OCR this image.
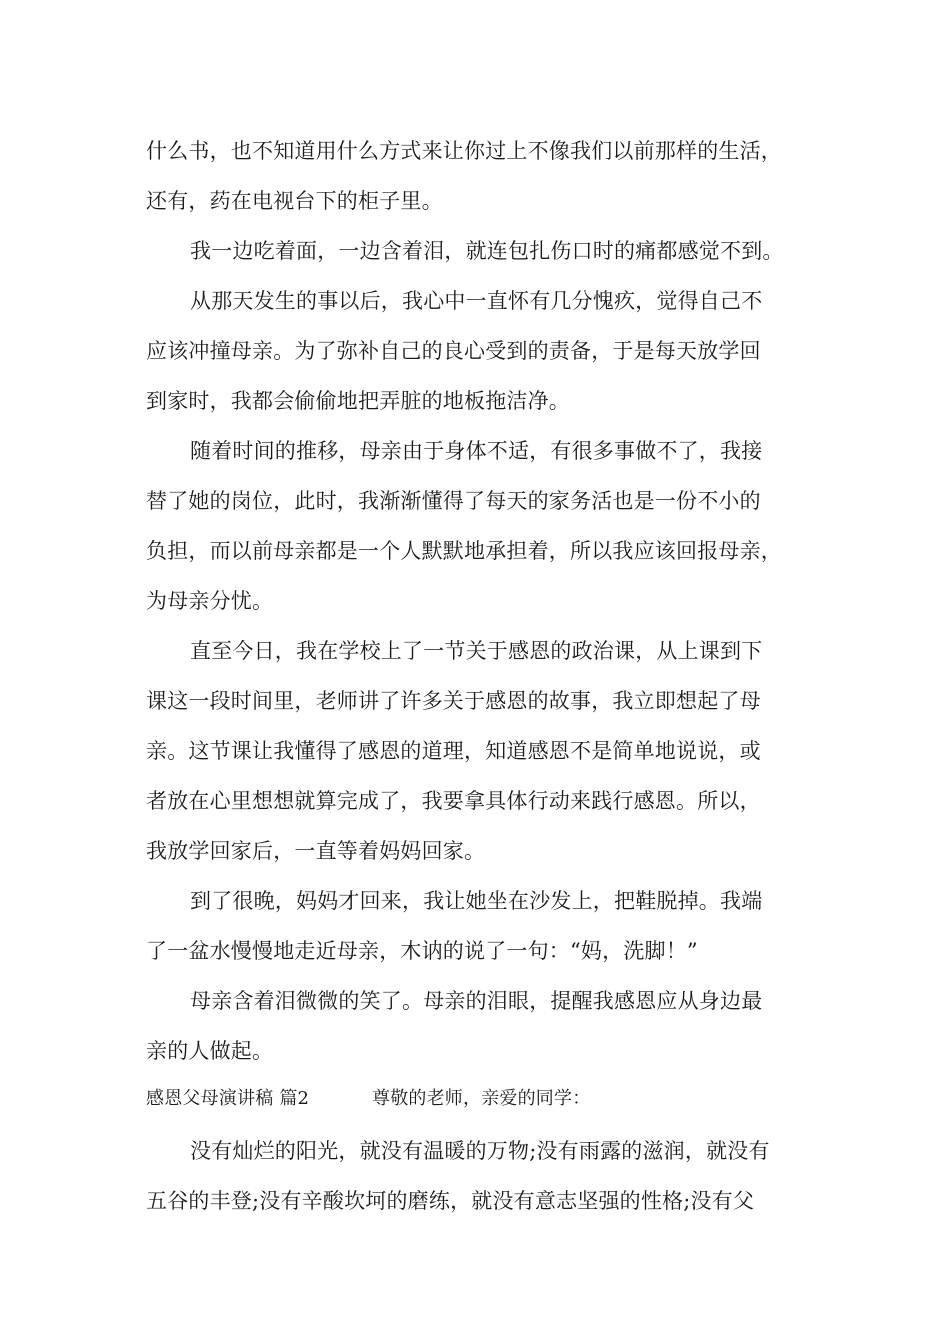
什么书，也不知道用什么方式来让你过上不像我们以前那样的生活，
还有，药在电视台下的柜子里。
我一边吃着面，一边含着泪，就连包扎伤口时的痛都感觉不到。
从那天发生的事以后，我心中一直怀有几分愧疚，觉得自己不
应该冲撞母亲。为了弥补自己的良心受到的责备，于是每天放学回
到家时，我都会偷偷地把弄脏的地板拖洁净。
随着时间的推移，母亲由于身体不适，有很多事做不了，我接
替了她的岗位，此时，我渐渐懂得了每天的家务活也是一份不小的
负担，而以前母亲都是一个人默默地承担着，所以我应该回报母亲，
为母亲分忧。
直至今日，我在学校上了一节关于感恩的政治课，从上课到下
课这一段时间里，老师讲了许多关于感恩的故事，我立即想起了母
亲。这节课让我懂得了感恩的道理，知道感恩不是简单地说说，或
者放在心里想想就算完成了，我要拿具体行动来践行感恩。所以，
我放学回家后，一直等着妈妈回家。
到了很晚，妈妈才回来，我让她坐在沙发上，把鞋脱掉。我端
了一盆水慢慢地走近母亲，木讷的说了一句：“妈，洗脚！”
母亲含着泪微微的笑了。母亲的泪眼，提醒我感恩应从身边最
亲的人做起。
感恩父母演讲稿 篇2	尊敬的老师，亲爱的同学：
没有灿烂的阳光，就没有温暖的万物;没有雨露的滋润，就没有
五谷的丰登;没有辛酸坎坷的磨练，就没有意志坚强的性格;没有父
